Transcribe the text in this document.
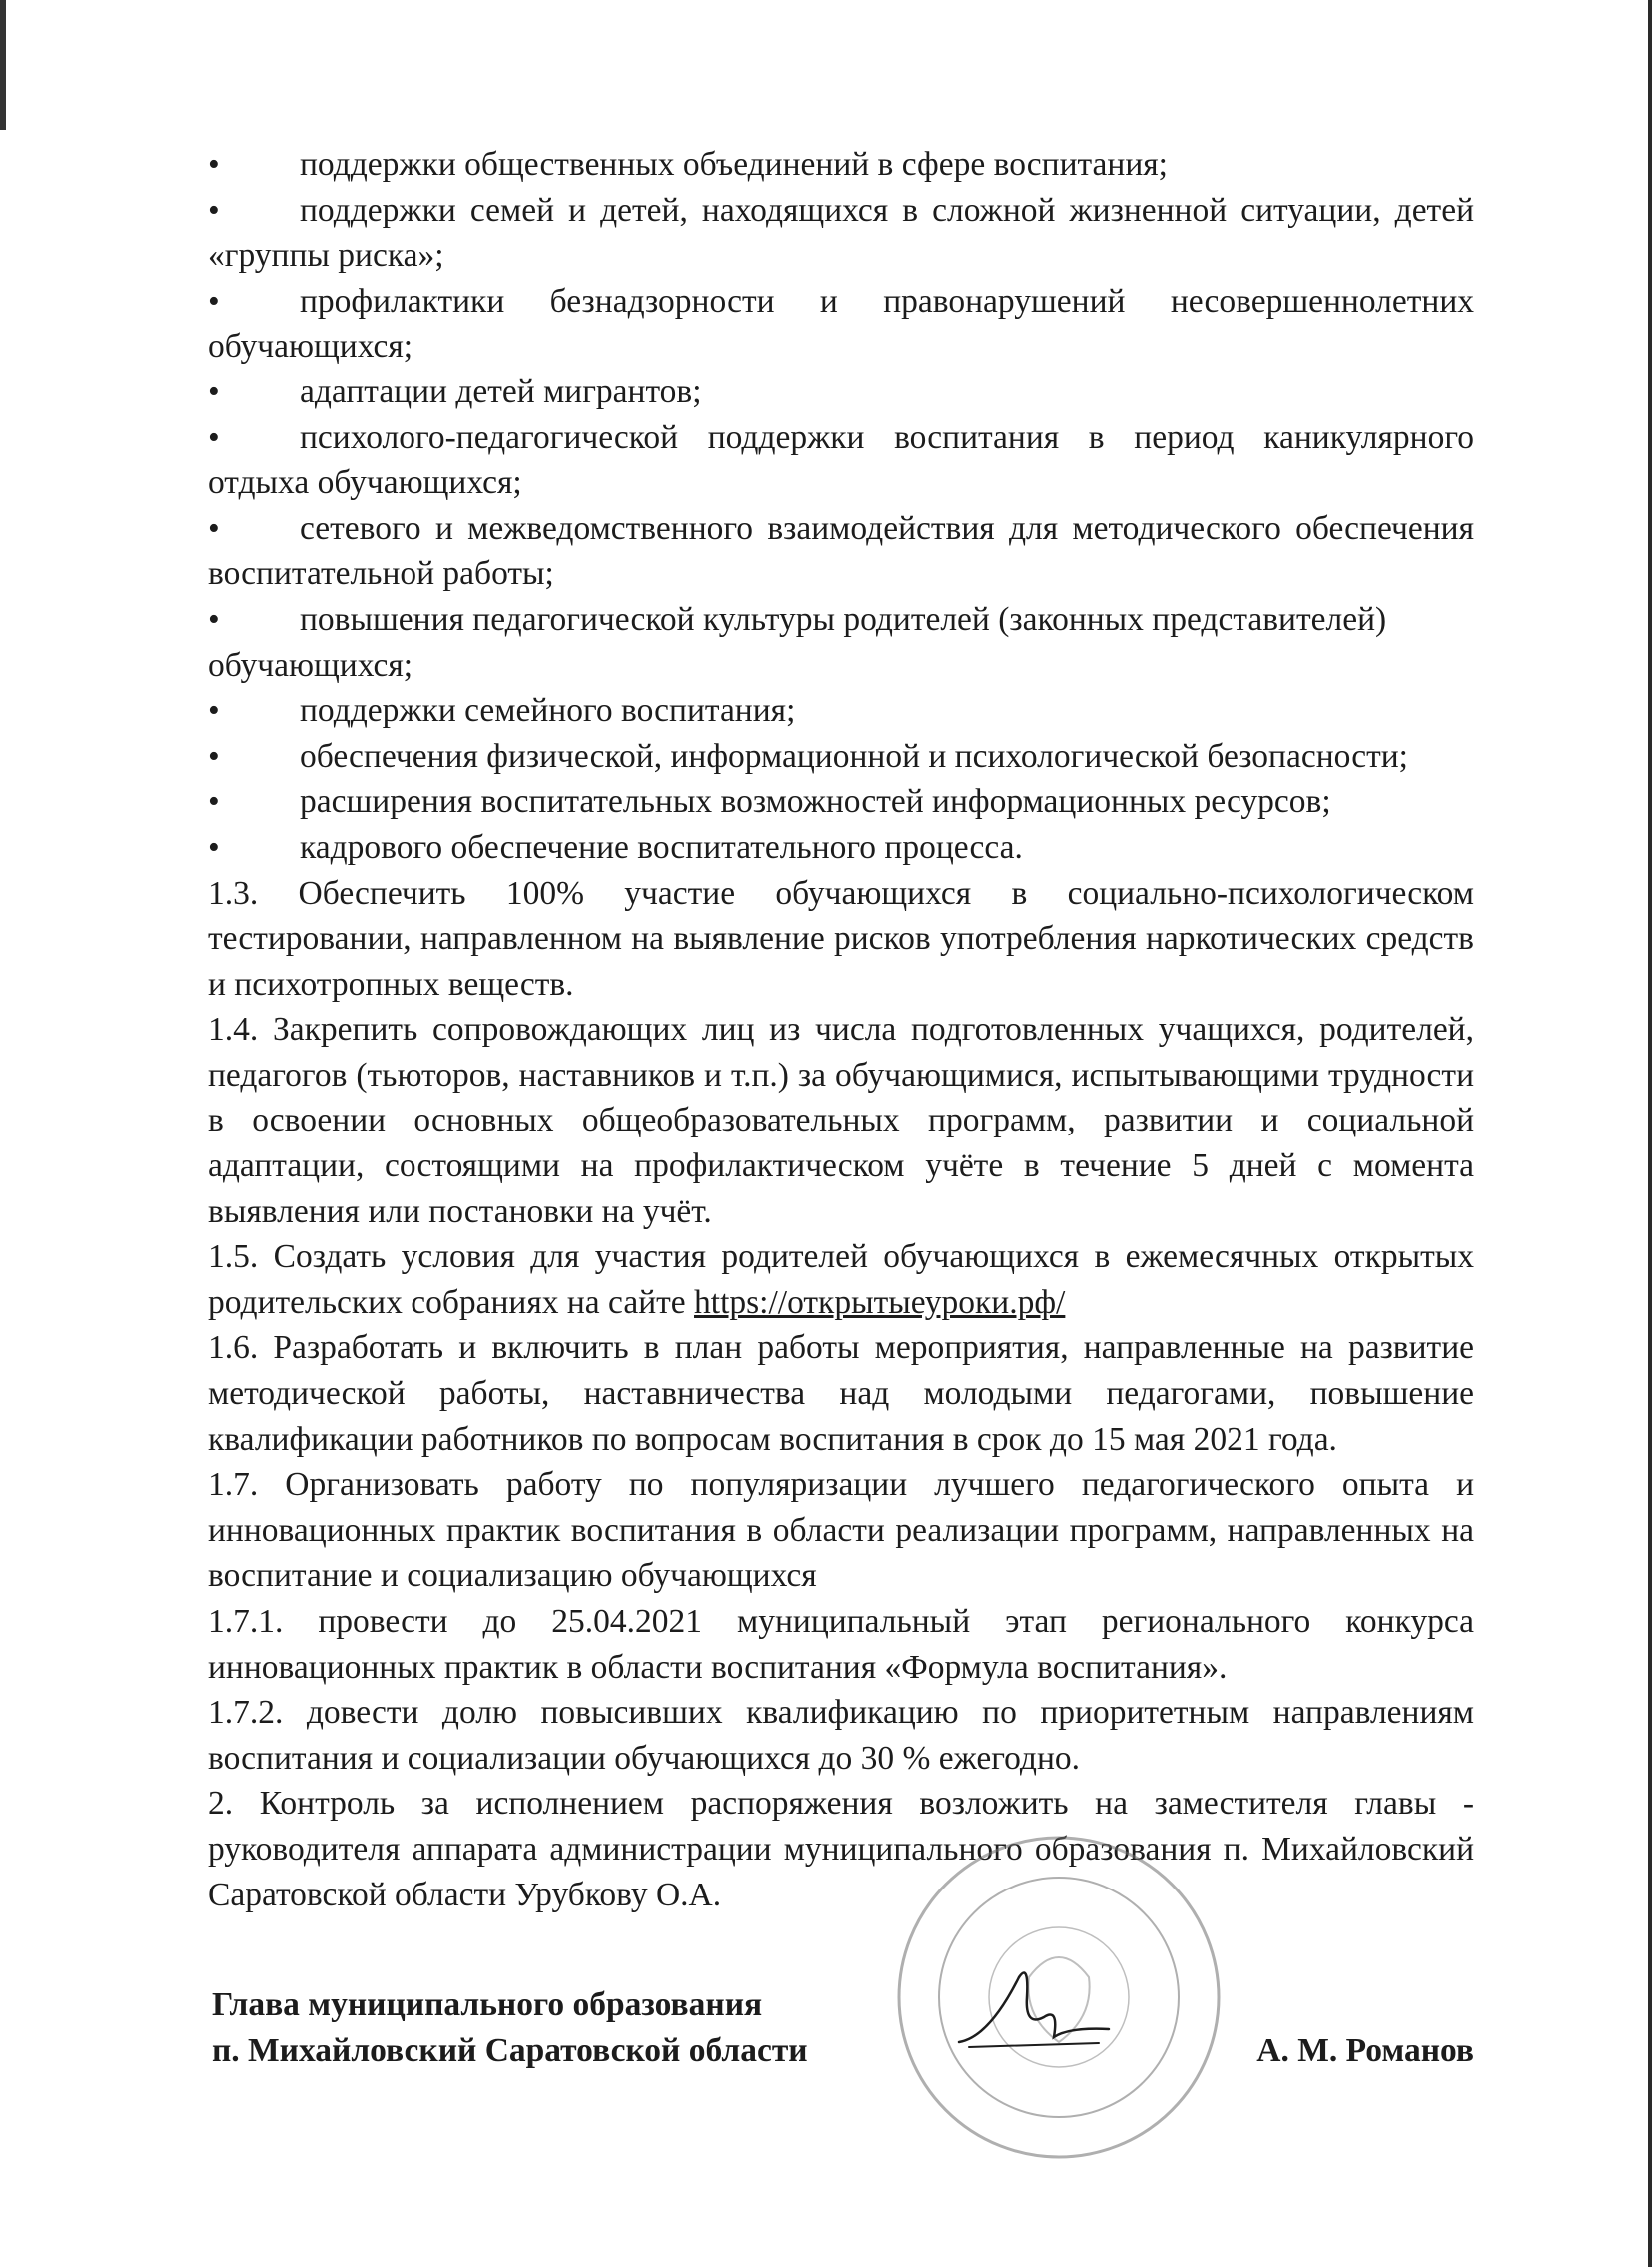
•	поддержки общественных объединений в сфере воспитания;
• поддержки семей и детей, находящихся в сложной жизненной ситуации, детей «группы риска»;
• профилактики безнадзорности и правонарушений несовершеннолетних обучающихся;
•	адаптации детей мигрантов;
• психолого-педагогической поддержки воспитания в период каникулярного отдыха обучающихся;
• сетевого и межведомственного взаимодействия для методического обеспечения воспитательной работы;
• повышения педагогической культуры родителей (законных представителей) обучающихся;
•	поддержки семейного воспитания;
• обеспечения физической, информационной и психологической безопасности;
•	расширения воспитательных возможностей информационных ресурсов;
•	кадрового обеспечение воспитательного процесса.

1.3. Обеспечить 100% участие обучающихся в социально-психологическом тестировании, направленном на выявление рисков употребления наркотических средств и психотропных веществ.

1.4. Закрепить сопровождающих лиц из числа подготовленных учащихся, родителей, педагогов (тьюторов, наставников и т.п.) за обучающимися, испытывающими трудности в освоении основных общеобразовательных программ, развитии и социальной адаптации, состоящими на профилактическом учёте в течение 5 дней с момента выявления или постановки на учёт.

1.5. Создать условия для участия родителей обучающихся в ежемесячных открытых родительских собраниях на сайте https://открытыеуроки.рф/

1.6. Разработать и включить в план работы мероприятия, направленные на развитие методической работы, наставничества над молодыми педагогами, повышение квалификации работников по вопросам воспитания в срок до 15 мая 2021 года.

1.7. Организовать работу по популяризации лучшего педагогического опыта и инновационных практик воспитания в области реализации программ, направленных на воспитание и социализацию обучающихся

1.7.1. провести до 25.04.2021 муниципальный этап регионального конкурса инновационных практик в области воспитания «Формула воспитания».

1.7.2. довести долю повысивших квалификацию по приоритетным направлениям воспитания и социализации обучающихся до 30 % ежегодно.

2. Контроль за исполнением распоряжения возложить на заместителя главы - руководителя аппарата администрации муниципального образования п. Михайловский Саратовской области Урубкову О.А.

Глава муниципального образования
п. Михайловский Саратовской области	А. М. Романов
